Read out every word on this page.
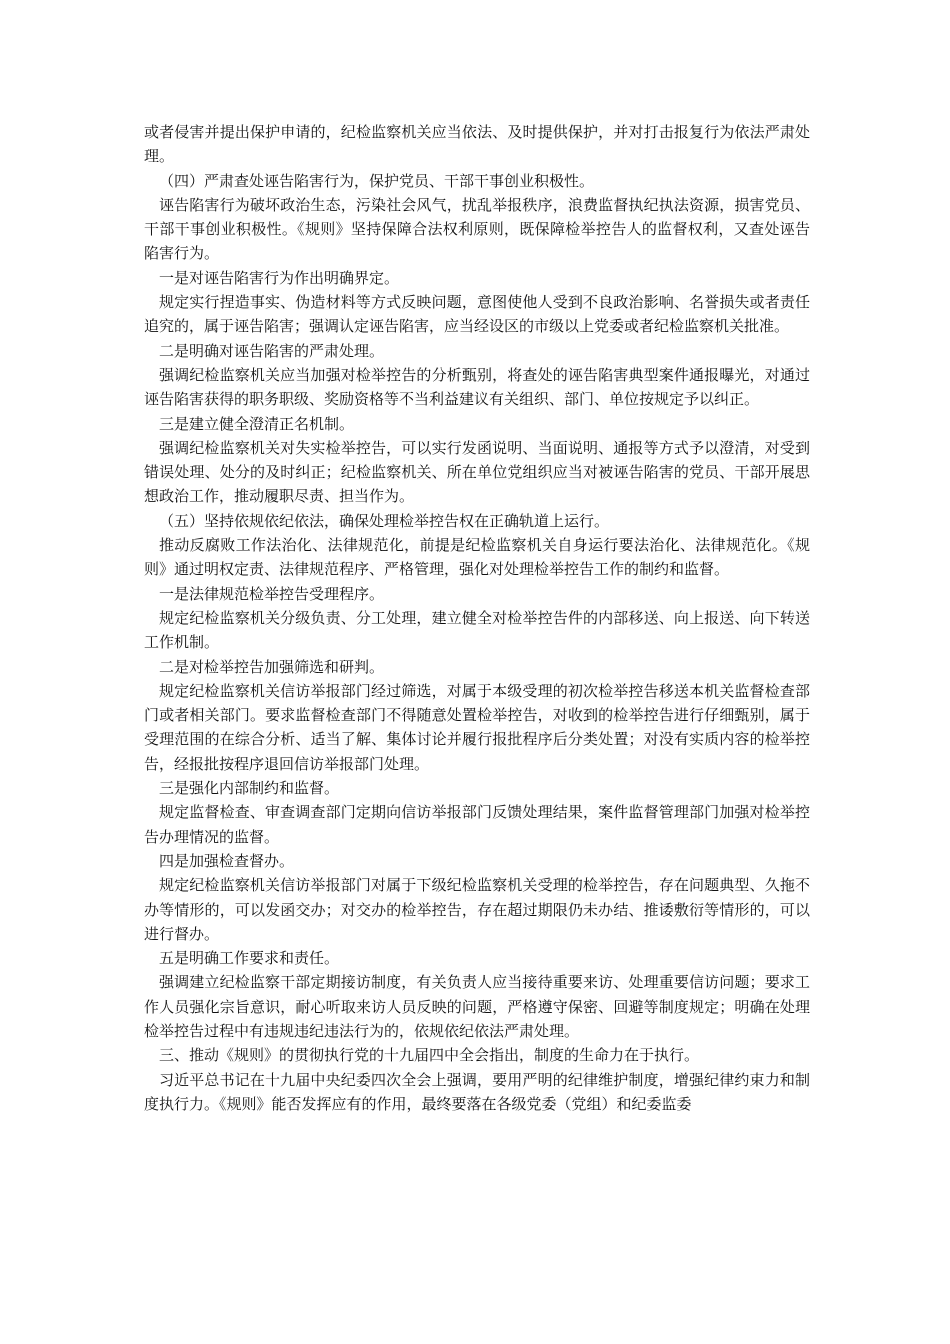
或者侵害并提出保护申请的，纪检监察机关应当依法、及时提供保护，并对打击报复行为依法严肃处理。

（四）严肃查处诬告陷害行为，保护党员、干部干事创业积极性。

诬告陷害行为破坏政治生态，污染社会风气，扰乱举报秩序，浪费监督执纪执法资源，损害党员、干部干事创业积极性。《规则》坚持保障合法权利原则，既保障检举控告人的监督权利，又查处诬告陷害行为。

一是对诬告陷害行为作出明确界定。

规定实行捏造事实、伪造材料等方式反映问题，意图使他人受到不良政治影响、名誉损失或者责任追究的，属于诬告陷害；强调认定诬告陷害，应当经设区的市级以上党委或者纪检监察机关批准。

二是明确对诬告陷害的严肃处理。

强调纪检监察机关应当加强对检举控告的分析甄别，将查处的诬告陷害典型案件通报曝光，对通过诬告陷害获得的职务职级、奖励资格等不当利益建议有关组织、部门、单位按规定予以纠正。

三是建立健全澄清正名机制。

强调纪检监察机关对失实检举控告，可以实行发函说明、当面说明、通报等方式予以澄清，对受到错误处理、处分的及时纠正；纪检监察机关、所在单位党组织应当对被诬告陷害的党员、干部开展思想政治工作，推动履职尽责、担当作为。

（五）坚持依规依纪依法，确保处理检举控告权在正确轨道上运行。

推动反腐败工作法治化、法律规范化，前提是纪检监察机关自身运行要法治化、法律规范化。《规则》通过明权定责、法律规范程序、严格管理，强化对处理检举控告工作的制约和监督。

一是法律规范检举控告受理程序。

规定纪检监察机关分级负责、分工处理，建立健全对检举控告件的内部移送、向上报送、向下转送工作机制。

二是对检举控告加强筛选和研判。

规定纪检监察机关信访举报部门经过筛选，对属于本级受理的初次检举控告移送本机关监督检查部门或者相关部门。要求监督检查部门不得随意处置检举控告，对收到的检举控告进行仔细甄别，属于受理范围的在综合分析、适当了解、集体讨论并履行报批程序后分类处置；对没有实质内容的检举控告，经报批按程序退回信访举报部门处理。

三是强化内部制约和监督。

规定监督检查、审查调查部门定期向信访举报部门反馈处理结果，案件监督管理部门加强对检举控告办理情况的监督。

四是加强检查督办。

规定纪检监察机关信访举报部门对属于下级纪检监察机关受理的检举控告，存在问题典型、久拖不办等情形的，可以发函交办；对交办的检举控告，存在超过期限仍未办结、推诿敷衍等情形的，可以进行督办。

五是明确工作要求和责任。

强调建立纪检监察干部定期接访制度，有关负责人应当接待重要来访、处理重要信访问题；要求工作人员强化宗旨意识，耐心听取来访人员反映的问题，严格遵守保密、回避等制度规定；明确在处理检举控告过程中有违规违纪违法行为的，依规依纪依法严肃处理。

三、推动《规则》的贯彻执行党的十九届四中全会指出，制度的生命力在于执行。

习近平总书记在十九届中央纪委四次全会上强调，要用严明的纪律维护制度，增强纪律约束力和制度执行力。《规则》能否发挥应有的作用，最终要落在各级党委（党组）和纪委监委
